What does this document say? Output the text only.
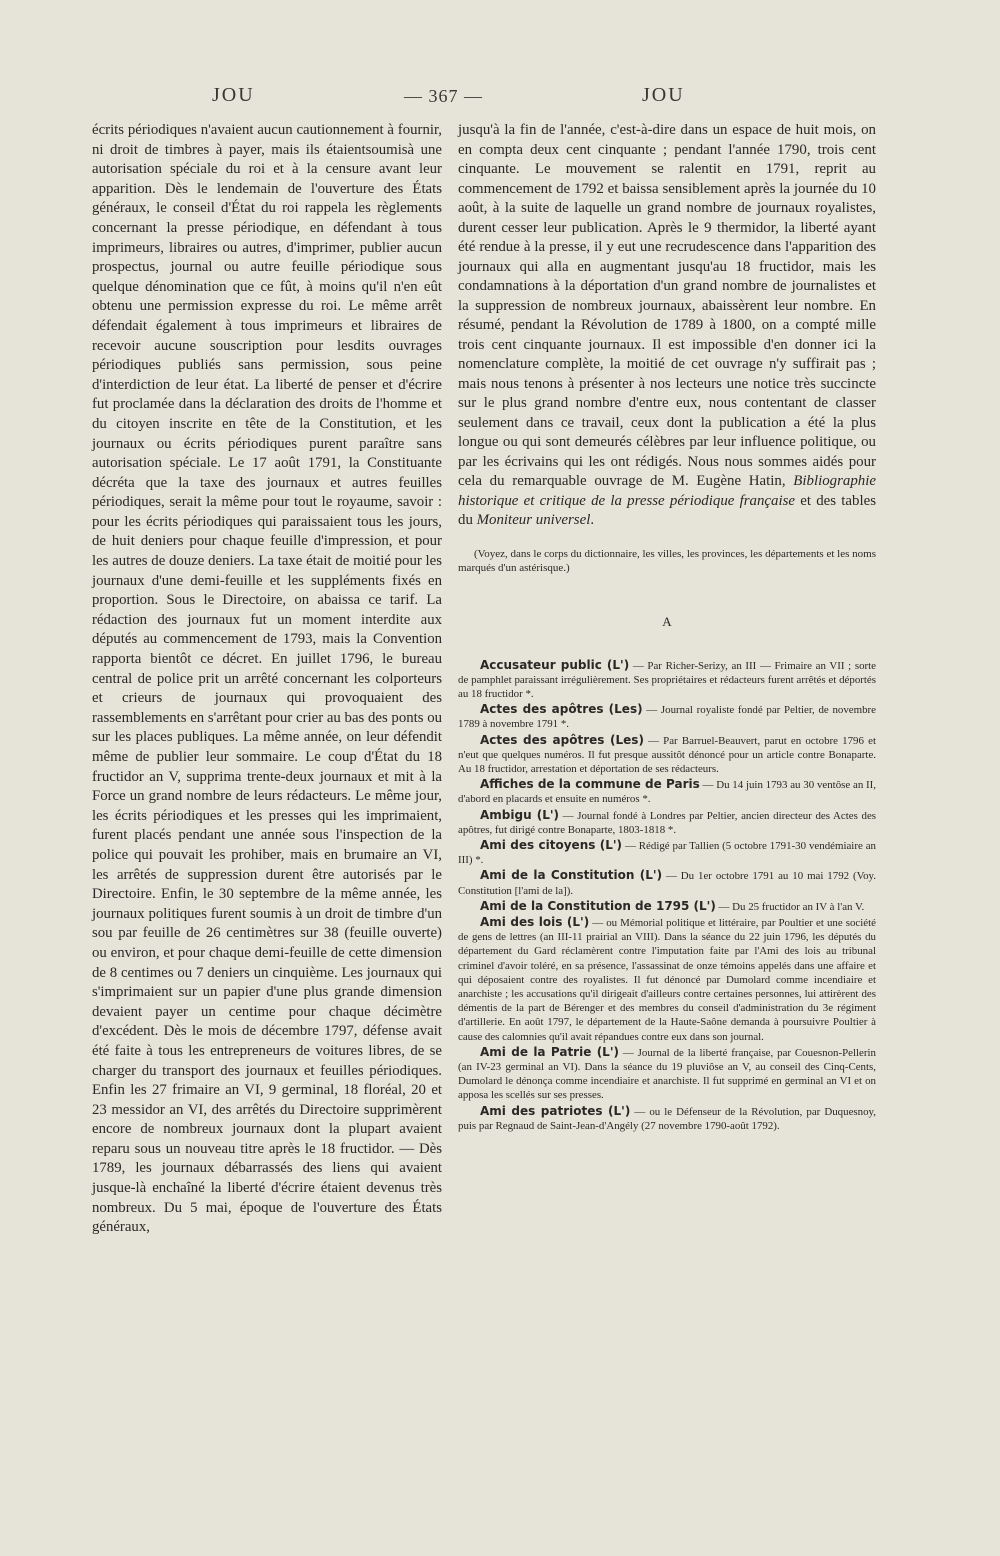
JOU	— 367 —	JOU

écrits périodiques n'avaient aucun cautionnement à fournir, ni droit de timbres à payer, mais ils étaientsoumisà une autorisation spéciale du roi et à la censure avant leur apparition. Dès le lendemain de l'ouverture des États généraux, le conseil d'État du roi rappela les règlements concernant la presse périodique, en défendant à tous imprimeurs, libraires ou autres, d'imprimer, publier aucun prospectus, journal ou autre feuille périodique sous quelque dénomination que ce fût, à moins qu'il n'en eût obtenu une permission expresse du roi. Le même arrêt défendait également à tous imprimeurs et libraires de recevoir aucune souscription pour lesdits ouvrages périodiques publiés sans permission, sous peine d'interdiction de leur état. La liberté de penser et d'écrire fut proclamée dans la déclaration des droits de l'homme et du citoyen inscrite en tête de la Constitution, et les journaux ou écrits périodiques purent paraître sans autorisation spéciale. Le 17 août 1791, la Constituante décréta que la taxe des journaux et autres feuilles périodiques, serait la même pour tout le royaume, savoir : pour les écrits périodiques qui paraissaient tous les jours, de huit deniers pour chaque feuille d'impression, et pour les autres de douze deniers. La taxe était de moitié pour les journaux d'une demi-feuille et les suppléments fixés en proportion. Sous le Directoire, on abaissa ce tarif. La rédaction des journaux fut un moment interdite aux députés au commencement de 1793, mais la Convention rapporta bientôt ce décret. En juillet 1796, le bureau central de police prit un arrêté concernant les colporteurs et crieurs de journaux qui provoquaient des rassemblements en s'arrêtant pour crier au bas des ponts ou sur les places publiques. La même année, on leur défendit même de publier leur sommaire. Le coup d'État du 18 fructidor an V, supprima trente-deux journaux et mit à la Force un grand nombre de leurs rédacteurs. Le même jour, les écrits périodiques et les presses qui les imprimaient, furent placés pendant une année sous l'inspection de la police qui pouvait les prohiber, mais en brumaire an VI, les arrêtés de suppression durent être autorisés par le Directoire. Enfin, le 30 septembre de la même année, les journaux politiques furent soumis à un droit de timbre d'un sou par feuille de 26 centimètres sur 38 (feuille ouverte) ou environ, et pour chaque demi-feuille de cette dimension de 8 centimes ou 7 deniers un cinquième. Les journaux qui s'imprimaient sur un papier d'une plus grande dimension devaient payer un centime pour chaque décimètre d'excédent. Dès le mois de décembre 1797, défense avait été faite à tous les entrepreneurs de voitures libres, de se charger du transport des journaux et feuilles périodiques. Enfin les 27 frimaire an VI, 9 germinal, 18 floréal, 20 et 23 messidor an VI, des arrêtés du Directoire supprimèrent encore de nombreux journaux dont la plupart avaient reparu sous un nouveau titre après le 18 fructidor. — Dès 1789, les journaux débarrassés des liens qui avaient jusque-là enchaîné la liberté d'écrire étaient devenus très nombreux. Du 5 mai, époque de l'ouverture des États généraux,

jusqu'à la fin de l'année, c'est-à-dire dans un espace de huit mois, on en compta deux cent cinquante ; pendant l'année 1790, trois cent cinquante. Le mouvement se ralentit en 1791, reprit au commencement de 1792 et baissa sensiblement après la journée du 10 août, à la suite de laquelle un grand nombre de journaux royalistes, durent cesser leur publication. Après le 9 thermidor, la liberté ayant été rendue à la presse, il y eut une recrudescence dans l'apparition des journaux qui alla en augmentant jusqu'au 18 fructidor, mais les condamnations à la déportation d'un grand nombre de journalistes et la suppression de nombreux journaux, abaissèrent leur nombre. En résumé, pendant la Révolution de 1789 à 1800, on a compté mille trois cent cinquante journaux. Il est impossible d'en donner ici la nomenclature complète, la moitié de cet ouvrage n'y suffirait pas ; mais nous tenons à présenter à nos lecteurs une notice très succincte sur le plus grand nombre d'entre eux, nous contentant de classer seulement dans ce travail, ceux dont la publication a été la plus longue ou qui sont demeurés célèbres par leur influence politique, ou par les écrivains qui les ont rédigés. Nous nous sommes aidés pour cela du remarquable ouvrage de M. Eugène Hatin, Bibliographie historique et critique de la presse périodique française et des tables du Moniteur universel.

(Voyez, dans le corps du dictionnaire, les villes, les provinces, les départements et les noms marqués d'un astérisque.)

A

Accusateur public (L') — Par Richer-Serizy, an III — Frimaire an VII ; sorte de pamphlet paraissant irrégulièrement. Ses propriétaires et rédacteurs furent arrêtés et déportés au 18 fructidor *.

Actes des apôtres (Les) — Journal royaliste fondé par Peltier, de novembre 1789 à novembre 1791 *.

Actes des apôtres (Les) — Par Barruel-Beauvert, parut en octobre 1796 et n'eut que quelques numéros. Il fut presque aussitôt dénoncé pour un article contre Bonaparte. Au 18 fructidor, arrestation et déportation de ses rédacteurs.

Affiches de la commune de Paris — Du 14 juin 1793 au 30 ventôse an II, d'abord en placards et ensuite en numéros *.

Ambigu (L') — Journal fondé à Londres par Peltier, ancien directeur des Actes des apôtres, fut dirigé contre Bonaparte, 1803-1818 *.

Ami des citoyens (L') — Rédigé par Tallien (5 octobre 1791-30 vendémiaire an III) *.

Ami de la Constitution (L') — Du 1er octobre 1791 au 10 mai 1792 (Voy. Constitution [l'ami de la]).

Ami de la Constitution de 1795 (L') — Du 25 fructidor an IV à l'an V.

Ami des lois (L') — ou Mémorial politique et littéraire, par Poultier et une société de gens de lettres (an III-11 prairial an VIII). Dans la séance du 22 juin 1796, les députés du département du Gard réclamèrent contre l'imputation faite par l'Ami des lois au tribunal criminel d'avoir toléré, en sa présence, l'assassinat de onze témoins appelés dans une affaire et qui déposaient contre des royalistes. Il fut dénoncé par Dumolard comme incendiaire et anarchiste ; les accusations qu'il dirigeait d'ailleurs contre certaines personnes, lui attirèrent des démentis de la part de Bérenger et des membres du conseil d'administration du 3e régiment d'artillerie. En août 1797, le département de la Haute-Saône demanda à poursuivre Poultier à cause des calomnies qu'il avait répandues contre eux dans son journal.

Ami de la Patrie (L') — Journal de la liberté française, par Couesnon-Pellerin (an IV-23 germinal an VI). Dans la séance du 19 pluviôse an V, au conseil des Cinq-Cents, Dumolard le dénonça comme incendiaire et anarchiste. Il fut supprimé en germinal an VI et on apposa les scellés sur ses presses.

Ami des patriotes (L') — ou le Défenseur de la Révolution, par Duquesnoy, puis par Regnaud de Saint-Jean-d'Angély (27 novembre 1790-août 1792).
